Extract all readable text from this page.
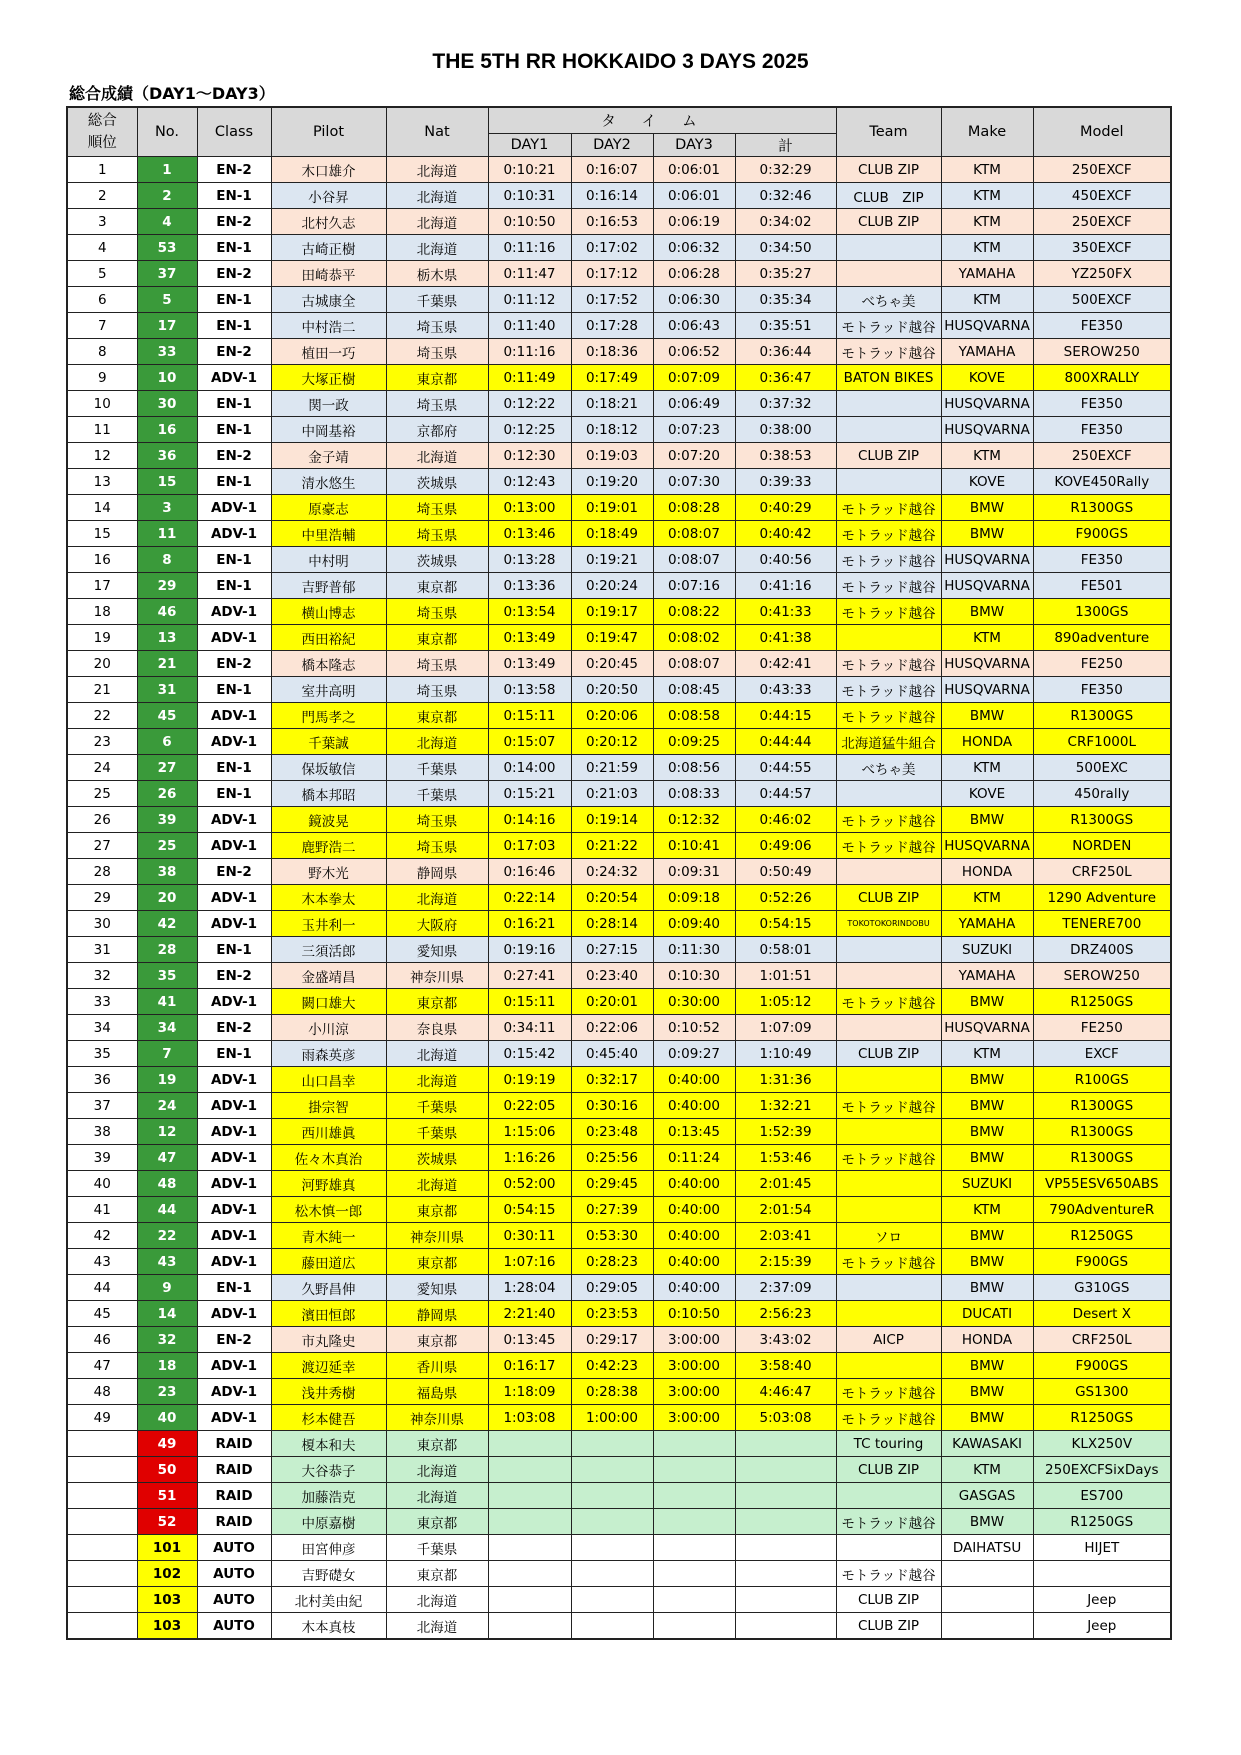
THE 5TH RR HOKKAIDO 3 DAYS 2025
総合成績（DAY1～DAY3）
総合
順位	No.	Class	Pilot	Nat	タイム				Team	Make	Model
					DAY1	DAY2	DAY3	計			
1	1	EN-2	木口雄介	北海道	0:10:21	0:16:07	0:06:01	0:32:29	CLUB ZIP	KTM	250EXCF
2	2	EN-1	小谷昇	北海道	0:10:31	0:16:14	0:06:01	0:32:46	CLUB　ZIP	KTM	450EXCF
3	4	EN-2	北村久志	北海道	0:10:50	0:16:53	0:06:19	0:34:02	CLUB ZIP	KTM	250EXCF
4	53	EN-1	古崎正樹	北海道	0:11:16	0:17:02	0:06:32	0:34:50		KTM	350EXCF
5	37	EN-2	田崎恭平	栃木県	0:11:47	0:17:12	0:06:28	0:35:27		YAMAHA	YZ250FX
6	5	EN-1	古城康全	千葉県	0:11:12	0:17:52	0:06:30	0:35:34	べちゃ美	KTM	500EXCF
7	17	EN-1	中村浩二	埼玉県	0:11:40	0:17:28	0:06:43	0:35:51	モトラッド越谷	HUSQVARNA	FE350
8	33	EN-2	植田一巧	埼玉県	0:11:16	0:18:36	0:06:52	0:36:44	モトラッド越谷	YAMAHA	SEROW250
9	10	ADV-1	大塚正樹	東京都	0:11:49	0:17:49	0:07:09	0:36:47	BATON BIKES	KOVE	800XRALLY
10	30	EN-1	関一政	埼玉県	0:12:22	0:18:21	0:06:49	0:37:32		HUSQVARNA	FE350
11	16	EN-1	中岡基裕	京都府	0:12:25	0:18:12	0:07:23	0:38:00		HUSQVARNA	FE350
12	36	EN-2	金子靖	北海道	0:12:30	0:19:03	0:07:20	0:38:53	CLUB ZIP	KTM	250EXCF
13	15	EN-1	清水悠生	茨城県	0:12:43	0:19:20	0:07:30	0:39:33		KOVE	KOVE450Rally
14	3	ADV-1	原豪志	埼玉県	0:13:00	0:19:01	0:08:28	0:40:29	モトラッド越谷	BMW	R1300GS
15	11	ADV-1	中里浩輔	埼玉県	0:13:46	0:18:49	0:08:07	0:40:42	モトラッド越谷	BMW	F900GS
16	8	EN-1	中村明	茨城県	0:13:28	0:19:21	0:08:07	0:40:56	モトラッド越谷	HUSQVARNA	FE350
17	29	EN-1	吉野普郁	東京都	0:13:36	0:20:24	0:07:16	0:41:16	モトラッド越谷	HUSQVARNA	FE501
18	46	ADV-1	横山博志	埼玉県	0:13:54	0:19:17	0:08:22	0:41:33	モトラッド越谷	BMW	1300GS
19	13	ADV-1	西田裕紀	東京都	0:13:49	0:19:47	0:08:02	0:41:38		KTM	890adventure
20	21	EN-2	橋本隆志	埼玉県	0:13:49	0:20:45	0:08:07	0:42:41	モトラッド越谷	HUSQVARNA	FE250
21	31	EN-1	室井高明	埼玉県	0:13:58	0:20:50	0:08:45	0:43:33	モトラッド越谷	HUSQVARNA	FE350
22	45	ADV-1	門馬孝之	東京都	0:15:11	0:20:06	0:08:58	0:44:15	モトラッド越谷	BMW	R1300GS
23	6	ADV-1	千葉誠	北海道	0:15:07	0:20:12	0:09:25	0:44:44	北海道猛牛組合	HONDA	CRF1000L
24	27	EN-1	保坂敏信	千葉県	0:14:00	0:21:59	0:08:56	0:44:55	べちゃ美	KTM	500EXC
25	26	EN-1	橋本邦昭	千葉県	0:15:21	0:21:03	0:08:33	0:44:57		KOVE	450rally
26	39	ADV-1	鏡波晃	埼玉県	0:14:16	0:19:14	0:12:32	0:46:02	モトラッド越谷	BMW	R1300GS
27	25	ADV-1	鹿野浩二	埼玉県	0:17:03	0:21:22	0:10:41	0:49:06	モトラッド越谷	HUSQVARNA	NORDEN
28	38	EN-2	野木光	静岡県	0:16:46	0:24:32	0:09:31	0:50:49		HONDA	CRF250L
29	20	ADV-1	木本拳太	北海道	0:22:14	0:20:54	0:09:18	0:52:26	CLUB ZIP	KTM	1290 Adventure
30	42	ADV-1	玉井利一	大阪府	0:16:21	0:28:14	0:09:40	0:54:15	TOKOTOKORINDOBU	YAMAHA	TENERE700
31	28	EN-1	三須活郎	愛知県	0:19:16	0:27:15	0:11:30	0:58:01		SUZUKI	DRZ400S
32	35	EN-2	金盛靖昌	神奈川県	0:27:41	0:23:40	0:10:30	1:01:51		YAMAHA	SEROW250
33	41	ADV-1	闕口雄大	東京都	0:15:11	0:20:01	0:30:00	1:05:12	モトラッド越谷	BMW	R1250GS
34	34	EN-2	小川涼	奈良県	0:34:11	0:22:06	0:10:52	1:07:09		HUSQVARNA	FE250
35	7	EN-1	雨森英彦	北海道	0:15:42	0:45:40	0:09:27	1:10:49	CLUB ZIP	KTM	EXCF
36	19	ADV-1	山口昌幸	北海道	0:19:19	0:32:17	0:40:00	1:31:36		BMW	R100GS
37	24	ADV-1	掛宗智	千葉県	0:22:05	0:30:16	0:40:00	1:32:21	モトラッド越谷	BMW	R1300GS
38	12	ADV-1	西川雄眞	千葉県	1:15:06	0:23:48	0:13:45	1:52:39		BMW	R1300GS
39	47	ADV-1	佐々木真治	茨城県	1:16:26	0:25:56	0:11:24	1:53:46	モトラッド越谷	BMW	R1300GS
40	48	ADV-1	河野雄真	北海道	0:52:00	0:29:45	0:40:00	2:01:45		SUZUKI	VP55ESV650ABS
41	44	ADV-1	松木慎一郎	東京都	0:54:15	0:27:39	0:40:00	2:01:54		KTM	790AdventureR
42	22	ADV-1	青木純一	神奈川県	0:30:11	0:53:30	0:40:00	2:03:41	ソロ	BMW	R1250GS
43	43	ADV-1	藤田道広	東京都	1:07:16	0:28:23	0:40:00	2:15:39	モトラッド越谷	BMW	F900GS
44	9	EN-1	久野昌伸	愛知県	1:28:04	0:29:05	0:40:00	2:37:09		BMW	G310GS
45	14	ADV-1	濱田恒郎	静岡県	2:21:40	0:23:53	0:10:50	2:56:23		DUCATI	Desert X
46	32	EN-2	市丸隆史	東京都	0:13:45	0:29:17	3:00:00	3:43:02	AICP	HONDA	CRF250L
47	18	ADV-1	渡辺延幸	香川県	0:16:17	0:42:23	3:00:00	3:58:40		BMW	F900GS
48	23	ADV-1	浅井秀樹	福島県	1:18:09	0:28:38	3:00:00	4:46:47	モトラッド越谷	BMW	GS1300
49	40	ADV-1	杉本健吾	神奈川県	1:03:08	1:00:00	3:00:00	5:03:08	モトラッド越谷	BMW	R1250GS
	49	RAID	榎本和夫	東京都					TC touring	KAWASAKI	KLX250V
	50	RAID	大谷恭子	北海道					CLUB ZIP	KTM	250EXCFSixDays
	51	RAID	加藤浩克	北海道						GASGAS	ES700
	52	RAID	中原嘉樹	東京都					モトラッド越谷	BMW	R1250GS
	101	AUTO	田宮伸彦	千葉県						DAIHATSU	HIJET
	102	AUTO	吉野礎女	東京都					モトラッド越谷		
	103	AUTO	北村美由紀	北海道					CLUB ZIP		Jeep
	103	AUTO	木本真枝	北海道					CLUB ZIP		Jeep
